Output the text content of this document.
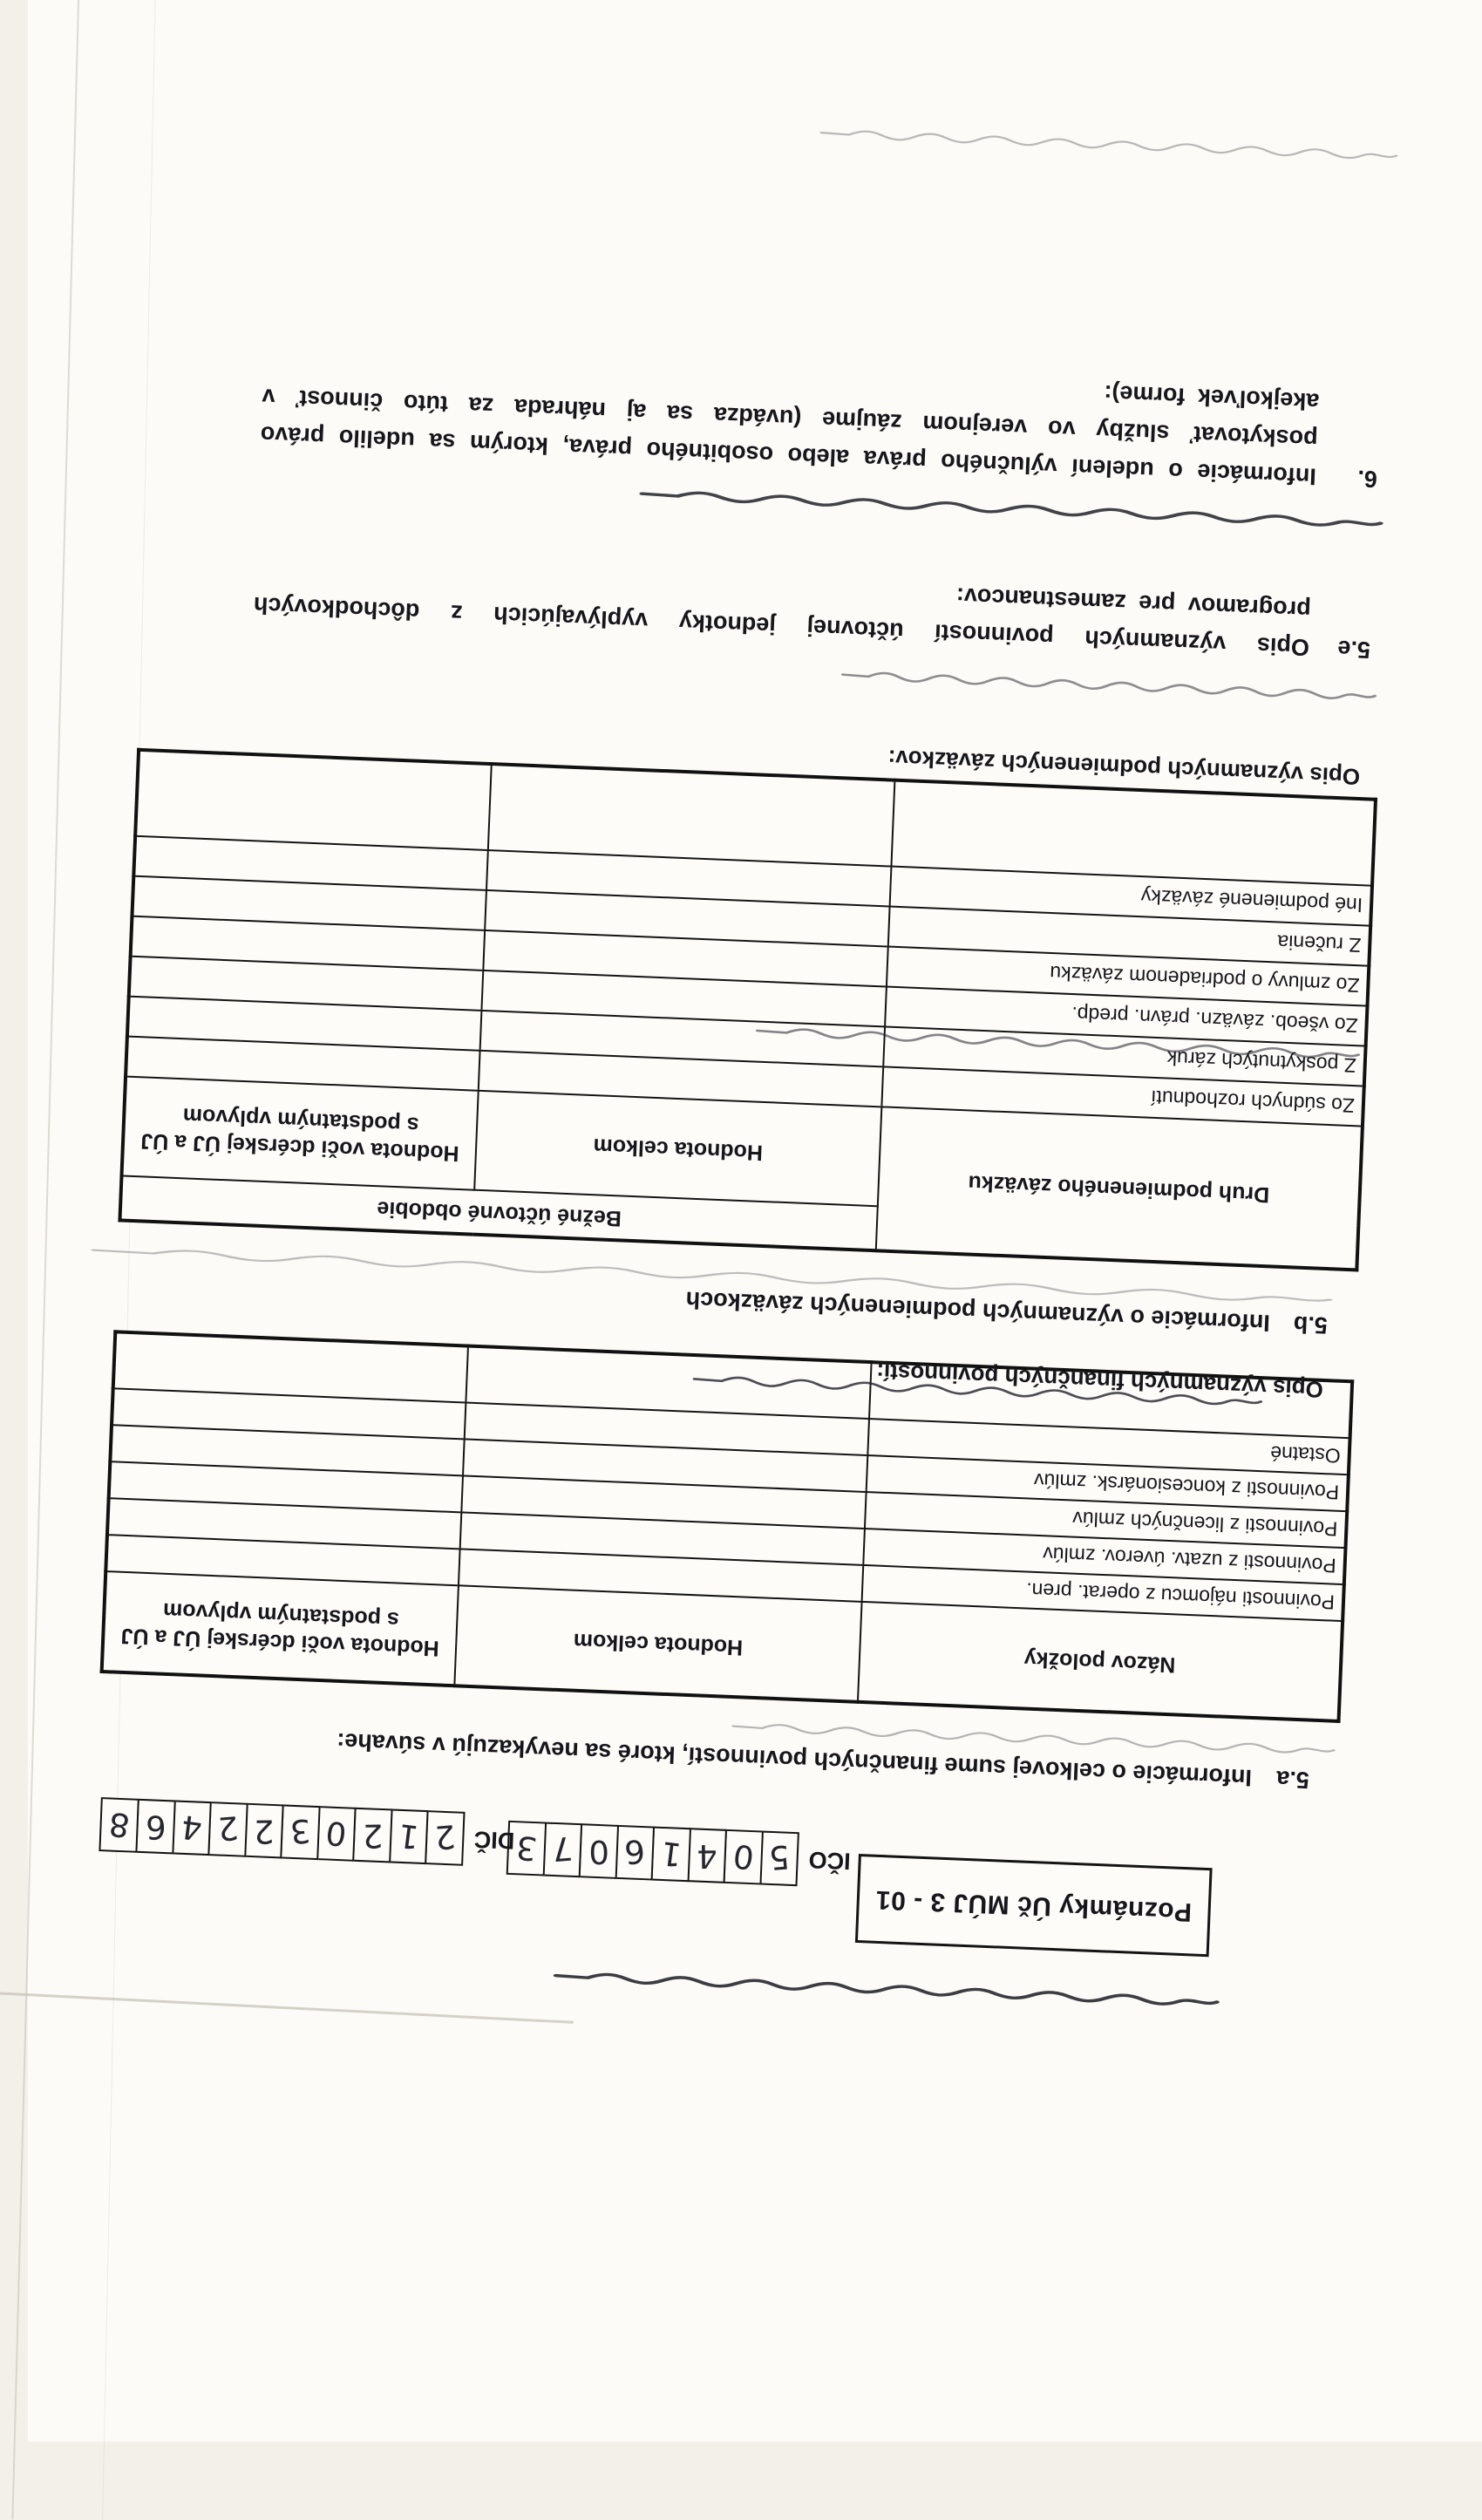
Poznámky Úč MÚJ 3 - 01
IČO
5
0
4
1
6
0
7
3
DIČ
2
1
2
0
3
2
2
4
6
8
5.a
Informácie o celkovej sume finančných povinností, ktoré sa nevykazujú v súvahe:
Názov položky	Hodnota celkom	Hodnota voči dcérskej ÚJ a ÚJ s podstatným vplyvom
Povinnosti nájomcu z operat. pren.		
Povinnosti z uzatv. úverov. zmlúv		
Povinnosti z licenčných zmlúv		
Povinnosti z koncesionársk. zmlúv		
Ostatné		

Opis významných finančných povinností:
5.b
Informácie o významných podmienených záväzkoch
Druh podmieneného záväzku	Bežné účtovné obdobie	
	Hodnota celkom	Hodnota voči dcérskej ÚJ a ÚJ s podstatným vplyvom
Zo súdnych rozhodnutí		
Z poskytnutých záruk		
Zo všeob. záväzn. právn. predp.		
Zo zmluvy o podriadenom záväzku		
Z ručenia		
Iné podmienené záväzky		

Opis významných podmienených záväzkov:
5.e
Opis významných povinností účtovnej jednotky vyplývajúcich z dôchodkových programov pre zamestnancov:
6.
Informácie o udelení výlučného práva alebo osobitného práva, ktorým sa udelilo právo poskytovať služby vo verejnom záujme (uvádza sa aj náhrada za túto činnosť v akejkoľvek forme):
